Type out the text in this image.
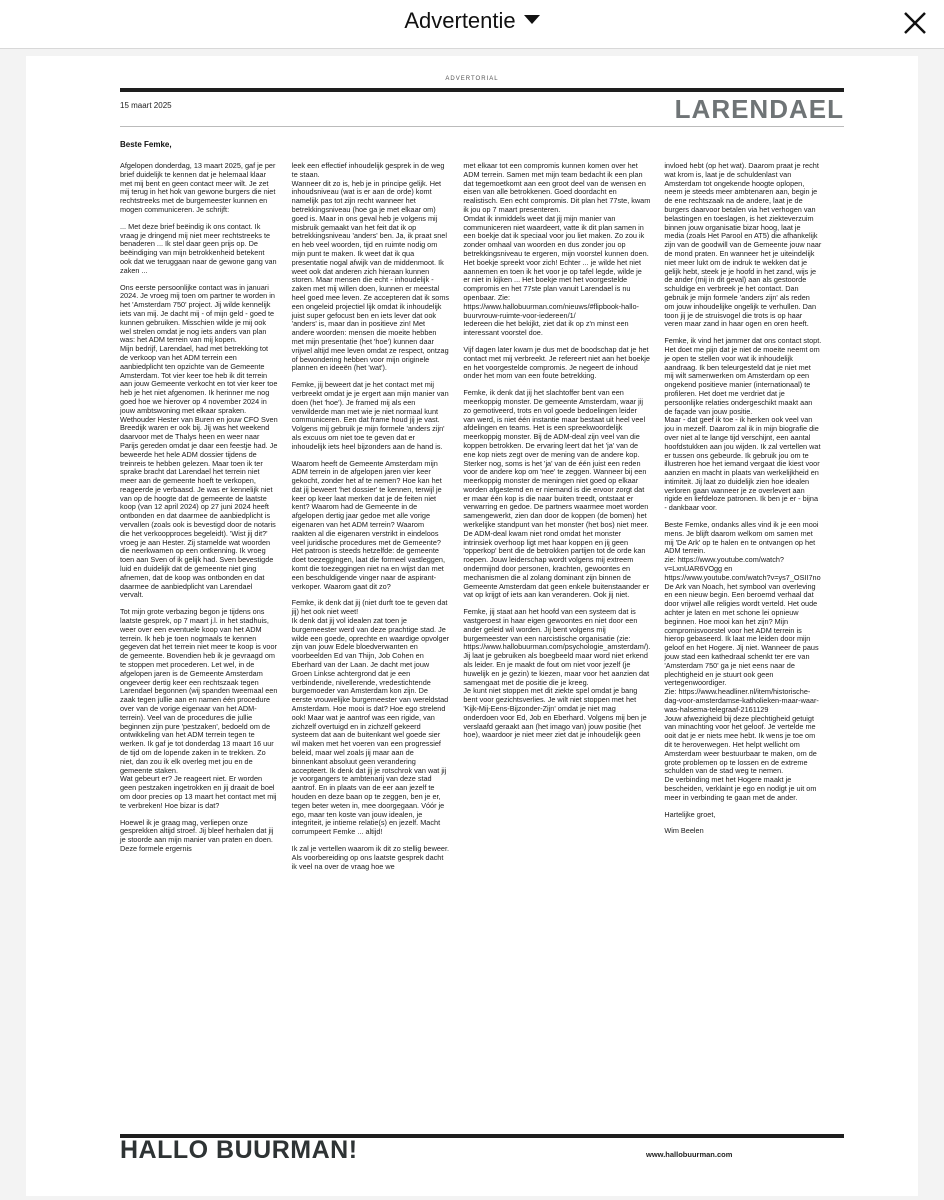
Advertentie
ADVERTORIAL
15 maart 2025	LARENDAEL
Beste Femke,

Afgelopen donderdag, 13 maart 2025, gaf je per brief duidelijk te kennen dat je helemaal klaar met mij bent en geen contact meer wilt. Je zet mij terug in het hok van gewone burgers die niet rechtstreeks met de burgemeester kunnen en mogen communiceren. Je schrijft:

... Met deze brief beëindig ik ons contact. Ik vraag je dringend mij niet meer rechtstreeks te benaderen ... Ik stel daar geen prijs op. De beëindiging van mijn betrokkenheid betekent ook dat we teruggaan naar de gewone gang van zaken ...

Ons eerste persoonlijke contact was in januari 2024. Je vroeg mij toen om partner te worden in het 'Amsterdam 750' project. Jij wilde kennelijk iets van mij. Je dacht mij - of mijn geld - goed te kunnen gebruiken. Misschien wilde je mij ook wel strelen omdat je nog iets anders van plan was: het ADM terrein van mij kopen.
Mijn bedrijf, Larendael, had met betrekking tot de verkoop van het ADM terrein een aanbiedplicht ten opzichte van de Gemeente Amsterdam. Tot vier keer toe heb ik dit terrein aan jouw Gemeente verkocht en tot vier keer toe heb je het niet afgenomen. Ik herinner me nog goed hoe we hierover op 4 november 2024 in jouw ambtswoning met elkaar spraken. Wethouder Hester van Buren en jouw CFO Sven Breedijk waren er ook bij. Jij was het weekend daarvoor met de Thalys heen en weer naar Parijs gereden omdat je daar een feestje had. Je beweerde het hele ADM dossier tijdens de treinreis te hebben gelezen. Maar toen ik ter sprake bracht dat Larendael het terrein niet meer aan de gemeente hoeft te verkopen, reageerde je verbaasd. Je was er kennelijk niet van op de hoogte dat de gemeente de laatste koop (van 12 april 2024) op 27 juni 2024 heeft ontbonden en dat daarmee de aanbiedplicht is vervallen (zoals ook is bevestigd door de notaris die het verkoopproces begeleidt). 'Wist jij dit?' vroeg je aan Hester. Zij stamelde wat woorden die neerkwamen op een ontkenning. Ik vroeg toen aan Sven of ik gelijk had. Sven bevestigde luid en duidelijk dat de gemeente niet ging afnemen, dat de koop was ontbonden en dat daarmee de aanbiedplicht van Larendael vervalt.

Tot mijn grote verbazing begon je tijdens ons laatste gesprek, op 7 maart j.l. in het stadhuis, weer over een eventuele koop van het ADM terrein. Ik heb je toen nogmaals te kennen gegeven dat het terrein niet meer te koop is voor de gemeente. Bovendien heb ik je gevraagd om te stoppen met procederen. Let wel, in de afgelopen jaren is de Gemeente Amsterdam ongeveer dertig keer een rechtszaak tegen Larendael begonnen (wij spanden tweemaal een zaak tegen jullie aan en namen één procedure over van de vorige eigenaar van het ADM-terrein). Veel van de procedures die jullie beginnen zijn pure 'pestzaken', bedoeld om de ontwikkeling van het ADM terrein tegen te werken. Ik gaf je tot donderdag 13 maart 16 uur de tijd om de lopende zaken in te trekken. Zo niet, dan zou ik elk overleg met jou en de gemeente staken.
Wat gebeurt er? Je reageert niet. Er worden geen pestzaken ingetrokken en jij draait de boel om door precies op 13 maart het contact met mij te verbreken! Hoe bizar is dat?

Hoewel ik je graag mag, verliepen onze gesprekken altijd stroef. Jij bleef herhalen dat jij je stoorde aan mijn manier van praten en doen. Deze formele ergernis

leek een effectief inhoudelijk gesprek in de weg te staan.
Wanneer dit zo is, heb je in principe gelijk. Het inhoudsniveau (wat is er aan de orde) komt namelijk pas tot zijn recht wanneer het betrekkingsniveau (hoe ga je met elkaar om) goed is. Maar in ons geval heb je volgens mij misbruik gemaakt van het feit dat ik op betrekkingsniveau 'anders' ben. Ja, ik praat snel en heb veel woorden, tijd en ruimte nodig om mijn punt te maken. Ik weet dat ik qua presentatie nogal afwijk van de middenmoot. Ik weet ook dat anderen zich hieraan kunnen storen. Maar mensen die echt - inhoudelijk - zaken met mij willen doen, kunnen er meestal heel goed mee leven. Ze accepteren dat ik soms een ongeleid projectiel lijk omdat ik inhoudelijk juist super gefocust ben en iets lever dat ook 'anders' is, maar dan in positieve zin! Met andere woorden: mensen die moeite hebben met mijn presentatie (het 'hoe') kunnen daar vrijwel altijd mee leven omdat ze respect, ontzag of bewondering hebben voor mijn originele plannen en ideeën (het 'wat').

Femke, jij beweert dat je het contact met mij verbreekt omdat je je ergert aan mijn manier van doen (het 'hoe'). Je framed mij als een verwilderde man met wie je niet normaal kunt communiceren. Een dat frame houd jij je vast. Volgens mij gebruik je mijn formele 'anders zijn' als excuus om niet toe te geven dat er inhoudelijk iets heel bijzonders aan de hand is.

Waarom heeft de Gemeente Amsterdam mijn ADM terrein in de afgelopen jaren vier keer gekocht, zonder het af te nemen? Hoe kan het dat jij beweert 'het dossier' te kennen, terwijl je keer op keer laat merken dat je de feiten niet kent? Waarom had de Gemeente in de afgelopen dertig jaar gedoe met alle vorige eigenaren van het ADM terrein? Waarom raakten al die eigenaren verstrikt in eindeloos veel juridische procedures met de Gemeente?
Het patroon is steeds hetzelfde: de gemeente doet toezeggingen, laat die formeel vastleggen, komt die toezeggingen niet na en wijst dan met een beschuldigende vinger naar de aspirant-verkoper. Waarom gaat dit zo?

Femke, ik denk dat jij (niet durft toe te geven dat jij) het ook niet weet!
Ik denk dat jij vol idealen zat toen je burgemeester werd van deze prachtige stad. Je wilde een goede, oprechte en waardige opvolger zijn van jouw Edele bloedverwanten en voorbeelden Ed van Thijn, Job Cohen en Eberhard van der Laan. Je dacht met jouw Groen Linkse achtergrond dat je een verbindende, nivellerende, vredestichtende burgemoeder van Amsterdam kon zijn. De eerste vrouwelijke burgemeester van wereldstad Amsterdam. Hoe mooi is dat? Hoe ego strelend ook! Maar wat je aantrof was een rigide, van zichzelf overtuigd en in zichzelf gekeerd systeem dat aan de buitenkant wel goede sier wil maken met het voeren van een progressief beleid, maar wel zoals jij maar aan de binnenkant absoluut geen verandering accepteert. Ik denk dat jij je rotschrok van wat jij je voorgangers te ambtenarij van deze stad aantrof. En in plaats van de eer aan jezelf te houden en deze baan op te zeggen, ben je er, tegen beter weten in, mee doorgegaan. Vóór je ego, maar ten koste van jouw idealen, je integriteit, je intieme relatie(s) en jezelf. Macht corrumpeert Femke ... altijd!

Ik zal je vertellen waarom ik dit zo stellig beweer.
Als voorbereiding op ons laatste gesprek dacht ik veel na over de vraag hoe we

met elkaar tot een compromis kunnen komen over het ADM terrein. Samen met mijn team bedacht ik een plan dat tegemoetkomt aan een groot deel van de wensen en eisen van alle betrokkenen. Goed doordacht en realistisch. Een echt compromis. Dit plan het 77ste, kwam ik jou op 7 maart presenteren.
Omdat ik inmiddels weet dat jij mijn manier van communiceren niet waardeert, vatte ik dit plan samen in een boekje dat ik speciaal voor jou liet maken. Zo zou ik zonder omhaal van woorden en dus zonder jou op betrekkingsniveau te ergeren, mijn voorstel kunnen doen. Het boekje spreekt voor zich! Echter ... je wilde het niet aannemen en toen ik het voor je op tafel legde, wilde je er niet in kijken ... Het boekje met het voorgestelde compromis en het 77ste plan vanuit Larendael is nu openbaar. Zie:
https://www.hallobuurman.com/nieuws/#flipbook-hallo-buurvrouw-ruimte-voor-iedereen/1/
Iedereen die het bekijkt, ziet dat ik op z'n minst een interessant voorstel doe.

Vijf dagen later kwam je dus met de boodschap dat je het contact met mij verbreekt. Je refereert niet aan het boekje en het voorgestelde compromis. Je negeert de inhoud onder het mom van een foute betrekking.

Femke, ik denk dat jij het slachtoffer bent van een meerkoppig monster. De gemeente Amsterdam, waar jij zo gemotiveerd, trots en vol goede bedoelingen leider van werd, is niet één instantie maar bestaat uit heel veel afdelingen en teams. Het is een spreekwoordelijk meerkoppig monster. Bij de ADM-deal zijn veel van die koppen betrokken. De ervaring leert dat het 'ja' van de ene kop niets zegt over de mening van de andere kop. Sterker nog, soms is het 'ja' van de één juist een reden voor de andere kop om 'nee' te zeggen. Wanneer bij een meerkoppig monster de meningen niet goed op elkaar worden afgestemd en er niemand is die ervoor zorgt dat er maar één kop is die naar buiten treedt, ontstaat er verwarring en gedoe. De partners waarmee moet worden samengewerkt, zien dan door de koppen (de bomen) het werkelijke standpunt van het monster (het bos) niet meer.
De ADM-deal kwam niet rond omdat het monster intrinsiek overhoop ligt met haar koppen en jij geen 'opperkop' bent die de betrokken partijen tot de orde kan roepen. Jouw leiderschap wordt volgens mij extreem ondermijnd door personen, krachten, gewoontes en mechanismen die al zolang dominant zijn binnen de Gemeente Amsterdam dat geen enkele buitenstaander er vat op krijgt of iets aan kan veranderen. Ook jij niet.

Femke, jij staat aan het hoofd van een systeem dat is vastgeroest in haar eigen gewoontes en niet door een ander geleid wil worden. Jij bent volgens mij burgemeester van een narcistische organisatie (zie: https://www.hallobuurman.com/psychologie_amsterdam/). Jij laat je gebruiken als boegbeeld maar word niet erkend als leider. En je maakt de fout om niet voor jezelf (je huwelijk en je gezin) te kiezen, maar voor het aanzien dat samengaat met de positie die je kreeg.
Je kunt niet stoppen met dit ziekte spel omdat je bang bent voor gezichtsverlies. Je wilt niet stoppen met het 'Kijk-Mij-Eens-Bijzonder-Zijn' omdat je niet mag onderdoen voor Ed, Job en Eberhard. Volgens mij ben je verslaafd geraakt aan (het imago van) jouw positie (het hoe), waardoor je niet meer ziet dat je inhoudelijk geen

invloed hebt (op het wat). Daarom praat je recht wat krom is, laat je de schuldenlast van Amsterdam tot ongekende hoogte oplopen, neem je steeds meer ambtenaren aan, begin je de ene rechtszaak na de andere, laat je de burgers daarvoor betalen via het verhogen van belastingen en toeslagen, is het ziekteverzuim binnen jouw organisatie bizar hoog, laat je media (zoals Het Parool en AT5) die afhankelijk zijn van de goodwill van de Gemeente jouw naar de mond praten. En wanneer het je uiteindelijk niet meer lukt om de indruk te wekken dat je gelijk hebt, steek je je hoofd in het zand, wijs je de ander (mij in dit geval) aan als gestoorde schuldige en verbreek je het contact. Dan gebruik je mijn formele 'anders zijn' als reden om jouw inhoudelijke ongelijk te verhullen. Dan toon jij je de struisvogel die trots is op haar veren maar zand in haar ogen en oren heeft.

Femke, ik vind het jammer dat ons contact stopt. Het doet me pijn dat je niet de moeite neemt om je open te stellen voor wat ik inhoudelijk aandraag. Ik ben teleurgesteld dat je niet met mij wilt samenwerken om Amsterdam op een ongekend positieve manier (internationaal) te profileren. Het doet me verdriet dat je persoonlijke relaties ondergeschikt maakt aan de façade van jouw positie.
Maar - dat geef ik toe - ik herken ook veel van jou in mezelf. Daarom zal ik in mijn biografie die over niet al te lange tijd verschijnt, een aantal hoofdstukken aan jou wijden. Ik zal vertellen wat er tussen ons gebeurde. Ik gebruik jou om te illustreren hoe het iemand vergaat die kiest voor aanzien en macht in plaats van werkelijkheid en intimiteit. Jij laat zo duidelijk zien hoe idealen verloren gaan wanneer je ze overlevert aan rigide en liefdeloze patronen. Ik ben je er - bijna - dankbaar voor.

Beste Femke, ondanks alles vind ik je een mooi mens. Je blijft daarom welkom om samen met mij 'De Ark' op te halen en te ontvangen op het ADM terrein.
zie: https://www.youtube.com/watch?v=LxnUAR6VOgg en https://www.youtube.com/watch?v=ys7_OSII7no
De Ark van Noach, het symbool van overleving en een nieuw begin. Een beroemd verhaal dat door vrijwel alle religies wordt verteld. Het oude achter je laten en met schone lei opnieuw beginnen. Hoe mooi kan het zijn? Mijn compromisvoorstel voor het ADM terrein is hierop gebaseerd. Ik laat me leiden door mijn geloof en het Hogere. Jij niet. Wanneer de paus jouw stad een kathedraal schenkt ter ere van 'Amsterdam 750' ga je niet eens naar de plechtigheid en je stuurt ook geen vertegenwoordiger.
Zie: https://www.headliner.nl/item/historische-dag-voor-amsterdamse-katholieken-maar-waar-was-halsema-telegraaf-2161129
Jouw afwezigheid bij deze plechtigheid getuigt van minachting voor het geloof. Je vertelde me ooit dat je er niets mee hebt. Ik wens je toe om dit te heroverwegen. Het helpt wellicht om Amsterdam weer bestuurbaar te maken, om de grote problemen op te lossen en de extreme schulden van de stad weg te nemen.
De verbinding met het Hogere maakt je bescheiden, verklaint je ego en nodigt je uit om meer in verbinding te gaan met de ander.

Hartelijke groet,

Wim Beelen

HALLO BUURMAN!	www.hallobuurman.com
